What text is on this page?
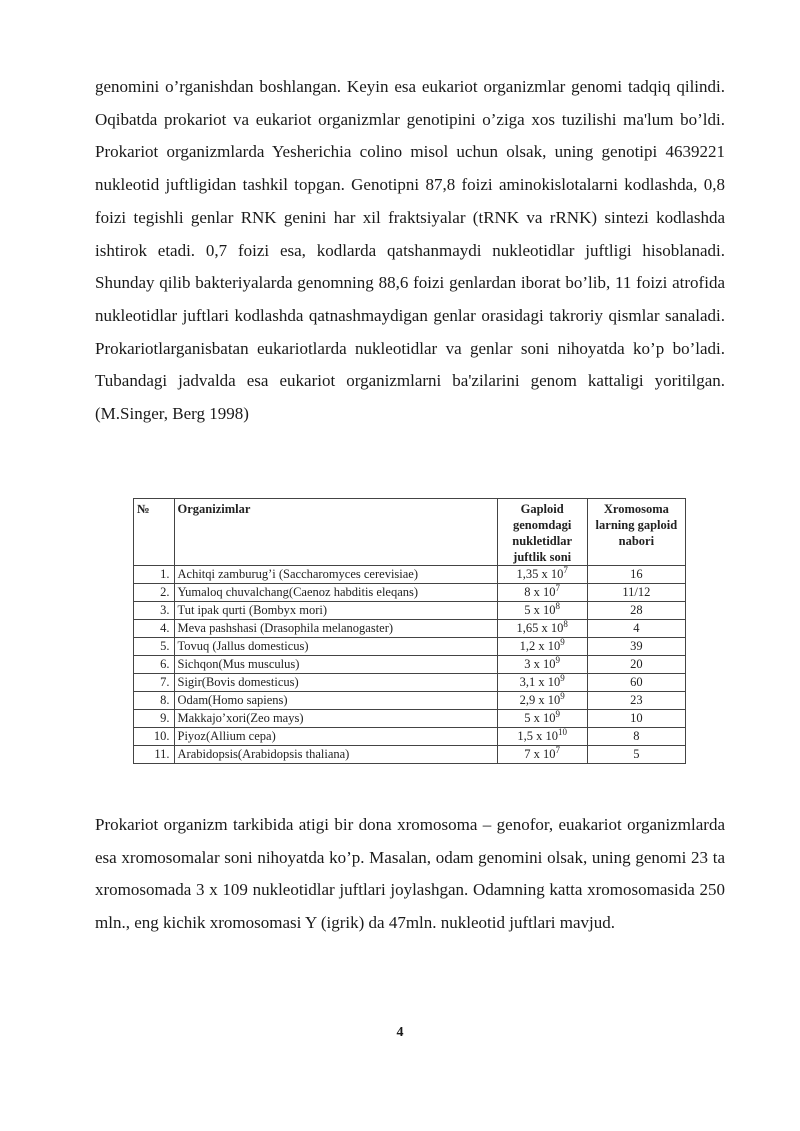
genomini o’rganishdan boshlangan. Keyin esa eukariot organizmlar genomi tadqiq qilindi. Oqibatda prokariot va eukariot organizmlar genotipini o’ziga xos tuzilishi ma'lum bo’ldi. Prokariot organizmlarda Yesherichia colino misol uchun olsak, uning genotipi 4639221 nukleotid juftligidan tashkil topgan. Genotipni 87,8 foizi aminokislotalarni kodlashda, 0,8 foizi tegishli genlar RNK genini har xil fraktsiyalar (tRNK va rRNK) sintezi kodlashda ishtirok etadi. 0,7 foizi esa, kodlarda qatshanmaydi nukleotidlar juftligi hisoblanadi. Shunday qilib bakteriyalarda genomning 88,6 foizi genlardan iborat bo’lib, 11 foizi atrofida nukleotidlar juftlari kodlashda qatnashmaydigan genlar orasidagi takroriy qismlar sanaladi. Prokariotlarganisbatan eukariotlarda nukleotidlar va genlar soni nihoyatda ko’p bo’ladi. Tubandagi jadvalda esa eukariot organizmlarni ba'zilarini genom kattaligi yoritilgan. (M.Singer, Berg 1998)

№	Organizimlar	Gaploid genomdagi nukletidlar juftlik soni	Xromosoma larning gaploid nabori
1.	Achitqi zamburug’i (Saccharomyces cerevisiae)	1,35 x $10^7$	16
2.	Yumaloq chuvalchang(Caenoz habditis eleqans)	8 x $10^7$	11/12
3.	Tut ipak qurti (Bombyx mori)	5 x $10^8$	28
4.	Meva pashshasi (Drasophila melanogaster)	1,65 x $10^8$	4
5.	Tovuq (Jallus domesticus)	1,2 x $10^9$	39
6.	Sichqon(Mus musculus)	3 x $10^9$	20
7.	Sigir(Bovis domesticus)	3,1 x $10^9$	60
8.	Odam(Homo sapiens)	2,9 x $10^9$	23
9.	Makkajo’xori(Zeo mays)	5 x $10^9$	10
10.	Piyoz(Allium cepa)	1,5 x $10^{10}$	8
11.	Arabidopsis(Arabidopsis thaliana)	7 x $10^7$	5

Prokariot organizm tarkibida atigi bir dona xromosoma – genofor, euakariot organizmlarda esa xromosomalar soni nihoyatda ko’p. Masalan, odam genomini olsak, uning genomi 23 ta xromosomada 3 x 109 nukleotidlar juftlari joylashgan. Odamning katta xromosomasida 250 mln., eng kichik xromosomasi Y (igrik) da 47mln. nukleotid juftlari mavjud.

4
